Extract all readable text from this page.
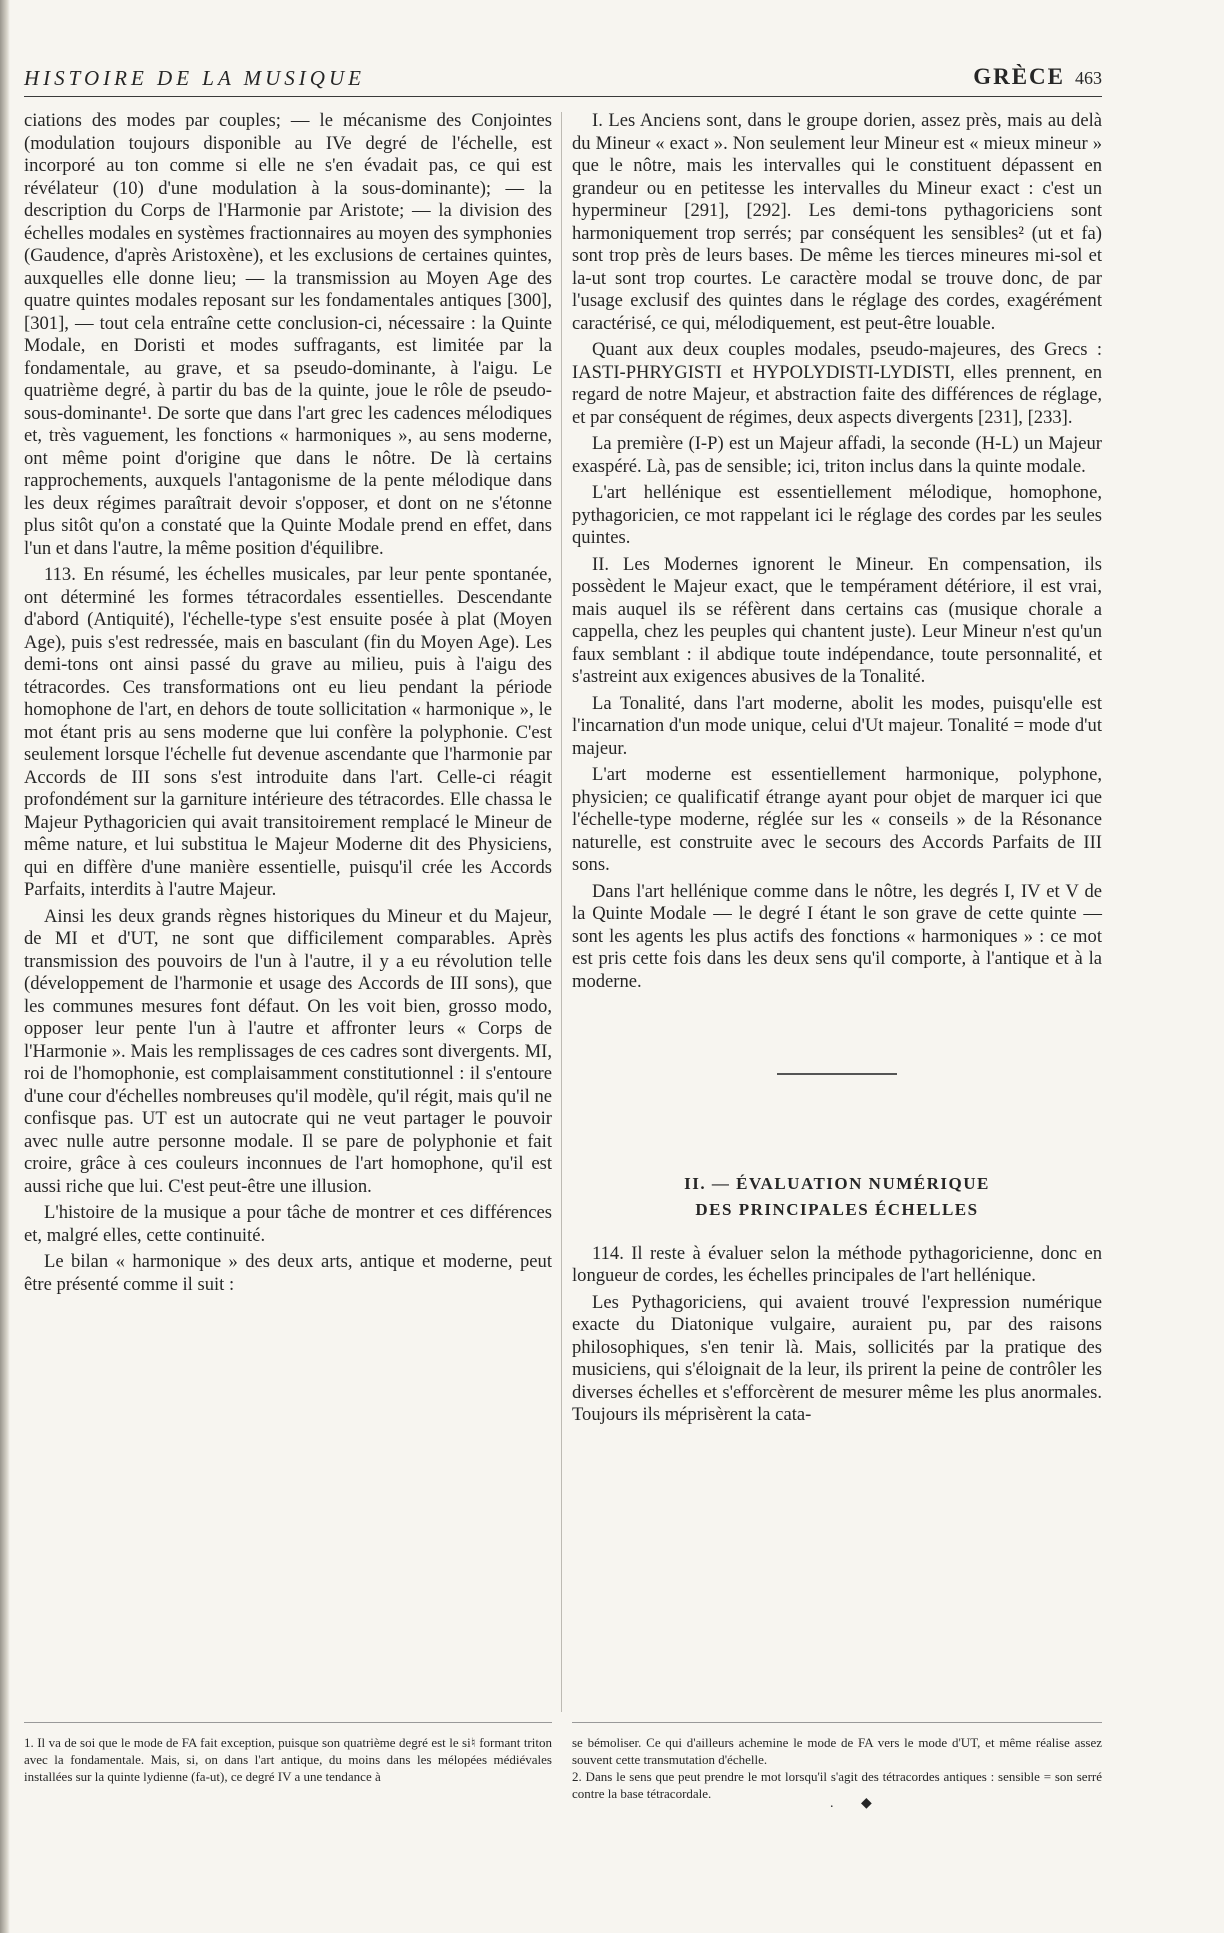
HISTOIRE DE LA MUSIQUE	GRÈCE 463

ciations des modes par couples; — le mécanisme des Conjointes (modulation toujours disponible au IVe degré de l'échelle, est incorporé au ton comme si elle ne s'en évadait pas, ce qui est révélateur (10) d'une modulation à la sous-dominante); — la description du Corps de l'Harmonie par Aristote; — la division des échelles modales en systèmes fractionnaires au moyen des symphonies (Gaudence, d'après Aristoxène), et les exclusions de certaines quintes, auxquelles elle donne lieu; — la transmission au Moyen Age des quatre quintes modales reposant sur les fondamentales antiques [300], [301], — tout cela entraîne cette conclusion-ci, nécessaire : la Quinte Modale, en Doristi et modes suffragants, est limitée par la fondamentale, au grave, et sa pseudo-dominante, à l'aigu. Le quatrième degré, à partir du bas de la quinte, joue le rôle de pseudo-sous-dominante¹. De sorte que dans l'art grec les cadences mélodiques et, très vaguement, les fonctions « harmoniques », au sens moderne, ont même point d'origine que dans le nôtre. De là certains rapprochements, auxquels l'antagonisme de la pente mélodique dans les deux régimes paraîtrait devoir s'opposer, et dont on ne s'étonne plus sitôt qu'on a constaté que la Quinte Modale prend en effet, dans l'un et dans l'autre, la même position d'équilibre.

113. En résumé, les échelles musicales, par leur pente spontanée, ont déterminé les formes tétracordales essentielles. Descendante d'abord (Antiquité), l'échelle-type s'est ensuite posée à plat (Moyen Age), puis s'est redressée, mais en basculant (fin du Moyen Age). Les demi-tons ont ainsi passé du grave au milieu, puis à l'aigu des tétracordes. Ces transformations ont eu lieu pendant la période homophone de l'art, en dehors de toute sollicitation « harmonique », le mot étant pris au sens moderne que lui confère la polyphonie. C'est seulement lorsque l'échelle fut devenue ascendante que l'harmonie par Accords de III sons s'est introduite dans l'art. Celle-ci réagit profondément sur la garniture intérieure des tétracordes. Elle chassa le Majeur Pythagoricien qui avait transitoirement remplacé le Mineur de même nature, et lui substitua le Majeur Moderne dit des Physiciens, qui en diffère d'une manière essentielle, puisqu'il crée les Accords Parfaits, interdits à l'autre Majeur.

Ainsi les deux grands règnes historiques du Mineur et du Majeur, de MI et d'UT, ne sont que difficilement comparables. Après transmission des pouvoirs de l'un à l'autre, il y a eu révolution telle (développement de l'harmonie et usage des Accords de III sons), que les communes mesures font défaut. On les voit bien, grosso modo, opposer leur pente l'un à l'autre et affronter leurs « Corps de l'Harmonie ». Mais les remplissages de ces cadres sont divergents. MI, roi de l'homophonie, est complaisamment constitutionnel : il s'entoure d'une cour d'échelles nombreuses qu'il modèle, qu'il régit, mais qu'il ne confisque pas. UT est un autocrate qui ne veut partager le pouvoir avec nulle autre personne modale. Il se pare de polyphonie et fait croire, grâce à ces couleurs inconnues de l'art homophone, qu'il est aussi riche que lui. C'est peut-être une illusion.

L'histoire de la musique a pour tâche de montrer et ces différences et, malgré elles, cette continuité.

Le bilan « harmonique » des deux arts, antique et moderne, peut être présenté comme il suit :

I. Les Anciens sont, dans le groupe dorien, assez près, mais au delà du Mineur « exact ». Non seulement leur Mineur est « mieux mineur » que le nôtre, mais les intervalles qui le constituent dépassent en grandeur ou en petitesse les intervalles du Mineur exact : c'est un hypermineur [291], [292]. Les demi-tons pythagoriciens sont harmoniquement trop serrés; par conséquent les sensibles² (ut et fa) sont trop près de leurs bases. De même les tierces mineures mi-sol et la-ut sont trop courtes. Le caractère modal se trouve donc, de par l'usage exclusif des quintes dans le réglage des cordes, exagérément caractérisé, ce qui, mélodiquement, est peut-être louable.

Quant aux deux couples modales, pseudo-majeures, des Grecs : IASTI-PHRYGISTI et HYPOLYDISTI-LYDISTI, elles prennent, en regard de notre Majeur, et abstraction faite des différences de réglage, et par conséquent de régimes, deux aspects divergents [231], [233].

La première (I-P) est un Majeur affadi, la seconde (H-L) un Majeur exaspéré. Là, pas de sensible; ici, triton inclus dans la quinte modale.

L'art hellénique est essentiellement mélodique, homophone, pythagoricien, ce mot rappelant ici le réglage des cordes par les seules quintes.

II. Les Modernes ignorent le Mineur. En compensation, ils possèdent le Majeur exact, que le tempérament détériore, il est vrai, mais auquel ils se réfèrent dans certains cas (musique chorale a cappella, chez les peuples qui chantent juste). Leur Mineur n'est qu'un faux semblant : il abdique toute indépendance, toute personnalité, et s'astreint aux exigences abusives de la Tonalité.

La Tonalité, dans l'art moderne, abolit les modes, puisqu'elle est l'incarnation d'un mode unique, celui d'Ut majeur. Tonalité = mode d'ut majeur.

L'art moderne est essentiellement harmonique, polyphone, physicien; ce qualificatif étrange ayant pour objet de marquer ici que l'échelle-type moderne, réglée sur les « conseils » de la Résonance naturelle, est construite avec le secours des Accords Parfaits de III sons.

Dans l'art hellénique comme dans le nôtre, les degrés I, IV et V de la Quinte Modale — le degré I étant le son grave de cette quinte — sont les agents les plus actifs des fonctions « harmoniques » : ce mot est pris cette fois dans les deux sens qu'il comporte, à l'antique et à la moderne.

II. — ÉVALUATION NUMÉRIQUE
DES PRINCIPALES ÉCHELLES

114. Il reste à évaluer selon la méthode pythagoricienne, donc en longueur de cordes, les échelles principales de l'art hellénique.

Les Pythagoriciens, qui avaient trouvé l'expression numérique exacte du Diatonique vulgaire, auraient pu, par des raisons philosophiques, s'en tenir là. Mais, sollicités par la pratique des musiciens, qui s'éloignait de la leur, ils prirent la peine de contrôler les diverses échelles et s'efforcèrent de mesurer même les plus anormales. Toujours ils méprisèrent la cata-

1. Il va de soi que le mode de FA fait exception, puisque son quatrième degré est le si♮ formant triton avec la fondamentale. Mais, si, on dans l'art antique, du moins dans les mélopées médiévales installées sur la quinte lydienne (fa-ut), ce degré IV a une tendance à

se bémoliser. Ce qui d'ailleurs achemine le mode de FA vers le mode d'UT, et même réalise assez souvent cette transmutation d'échelle.

2. Dans le sens que peut prendre le mot lorsqu'il s'agit des tétracordes antiques : sensible = son serré contre la base tétracordale.

. ◆
